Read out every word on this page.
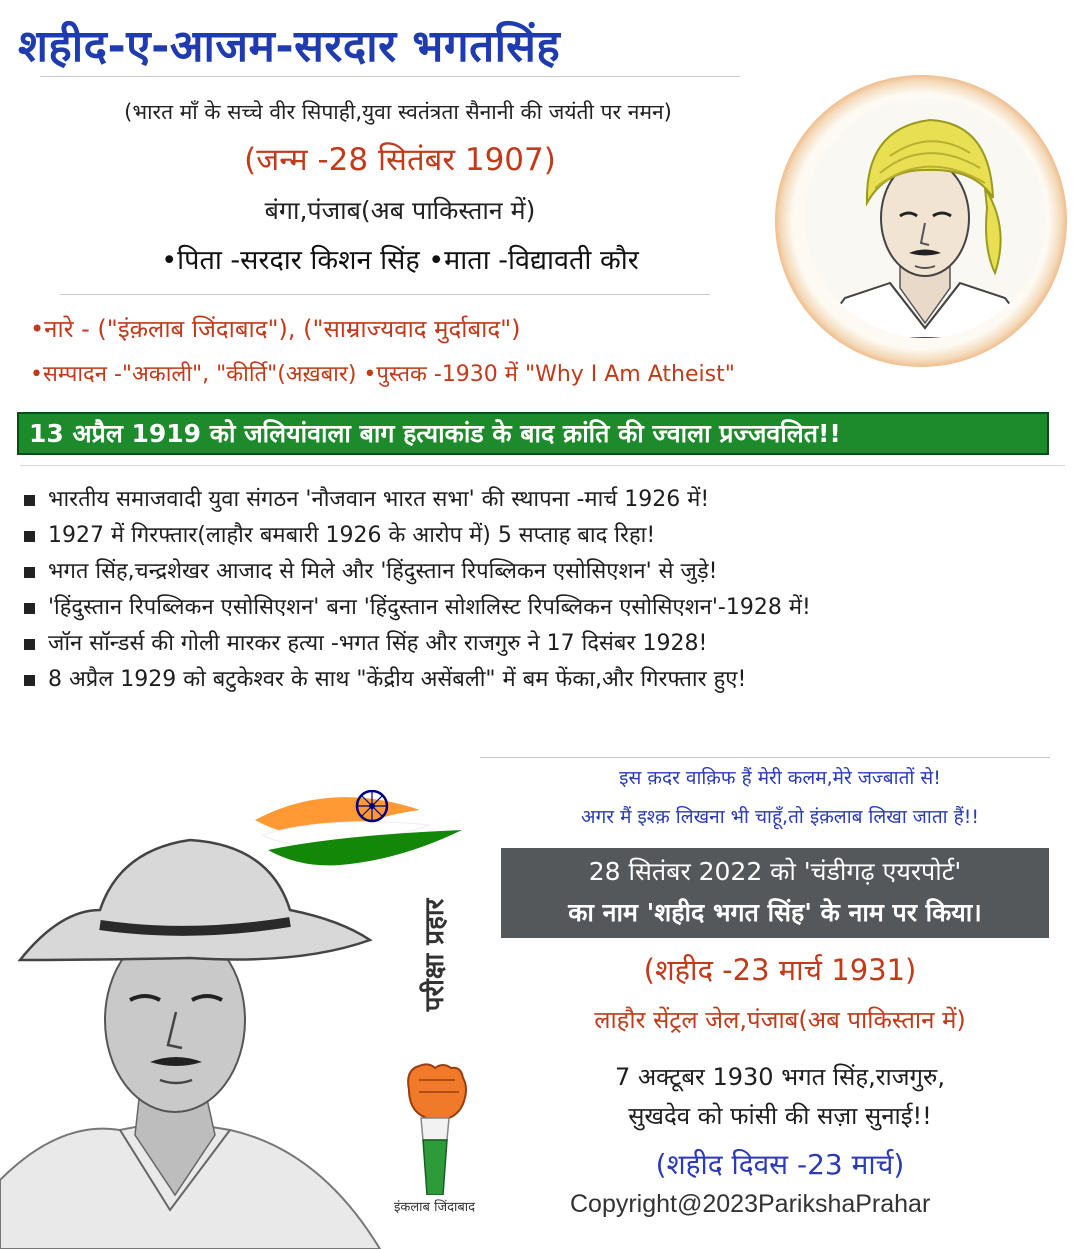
शहीद-ए-आजम-सरदार भगतसिंह
(भारत माँ के सच्चे वीर सिपाही,युवा स्वतंत्रता सैनानी की जयंती पर नमन)
(जन्म -28 सितंबर 1907)
बंगा,पंजाब(अब पाकिस्तान में)
•पिता -सरदार किशन सिंह •माता -विद्यावती कौर
•नारे - ("इंक़लाब जिंदाबाद"), ("साम्राज्यवाद मुर्दाबाद")
•सम्पादन -"अकाली", "कीर्ति"(अख़बार) •पुस्तक -1930 में "Why I Am Atheist"
13 अप्रैल 1919 को जलियांवाला बाग हत्याकांड के बाद क्रांति की ज्वाला प्रज्जवलित!!
भारतीय समाजवादी युवा संगठन 'नौजवान भारत सभा' की स्थापना -मार्च 1926 में!
1927 में गिरफ्तार(लाहौर बमबारी 1926 के आरोप में) 5 सप्ताह बाद रिहा!
भगत सिंह,चन्द्रशेखर आजाद से मिले और 'हिंदुस्तान रिपब्लिकन एसोसिएशन' से जुड़े!
'हिंदुस्तान रिपब्लिकन एसोसिएशन' बना 'हिंदुस्तान सोशलिस्ट रिपब्लिकन एसोसिएशन'-1928 में!
जॉन सॉन्डर्स की गोली मारकर हत्या -भगत सिंह और राजगुरु ने 17 दिसंबर 1928!
8 अप्रैल 1929 को बटुकेश्वर के साथ "केंद्रीय असेंबली" में बम फेंका,और गिरफ्तार हुए!
परीक्षा प्रहार
इस क़दर वाक़िफ हैं मेरी कलम,मेरे जज्बातों से!
अगर मैं इश्क़ लिखना भी चाहूँ,तो इंक़लाब लिखा जाता हैं!!
28 सितंबर 2022 को 'चंडीगढ़ एयरपोर्ट'
का नाम 'शहीद भगत सिंह' के नाम पर किया।
(शहीद -23 मार्च 1931)
लाहौर सेंट्रल जेल,पंजाब(अब पाकिस्तान में)
7 अक्टूबर 1930 भगत सिंह,राजगुरु,
सुखदेव को फांसी की सज़ा सुनाई!!
(शहीद दिवस -23 मार्च)
इंकलाब जिंदाबाद	Copyright@2023ParikshaPrahar
